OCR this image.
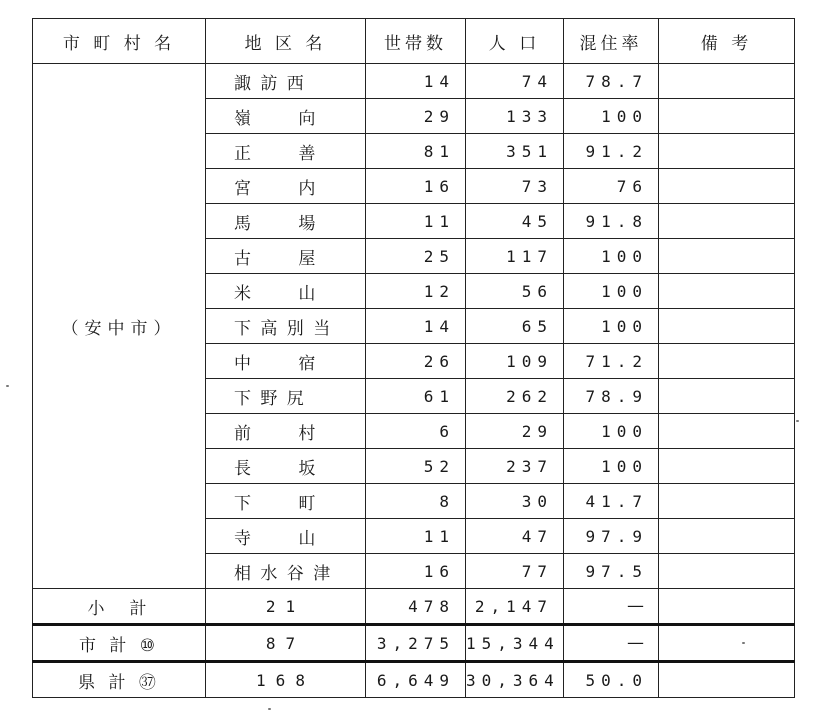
市 町 村 名	地 区 名	世帯数	人 口	混住率	備 考
（安中市）	諏 訪 西	14	74	78.7	
	嶺　　 向	29	133	100	
	正　　 善	81	351	91.2	
	宮　　 内	16	73	76	
	馬　　 場	11	45	91.8	
	古　　 屋	25	117	100	
	米　　 山	12	56	100	
	下 高 別 当	14	65	100	
	中　　 宿	26	109	71.2	
	下 野 尻	61	262	78.9	
	前　　 村	6	29	100	
	長　　 坂	52	237	100	
	下　　 町	8	30	41.7	
	寺　　 山	11	47	97.9	
	相 水 谷 津	16	77	97.5	
小　計	21	478	2,147	—	
市 計 ⑩	87	3,275	15,344	—	
県 計 ㊲	168	6,649	30,364	50.0	
